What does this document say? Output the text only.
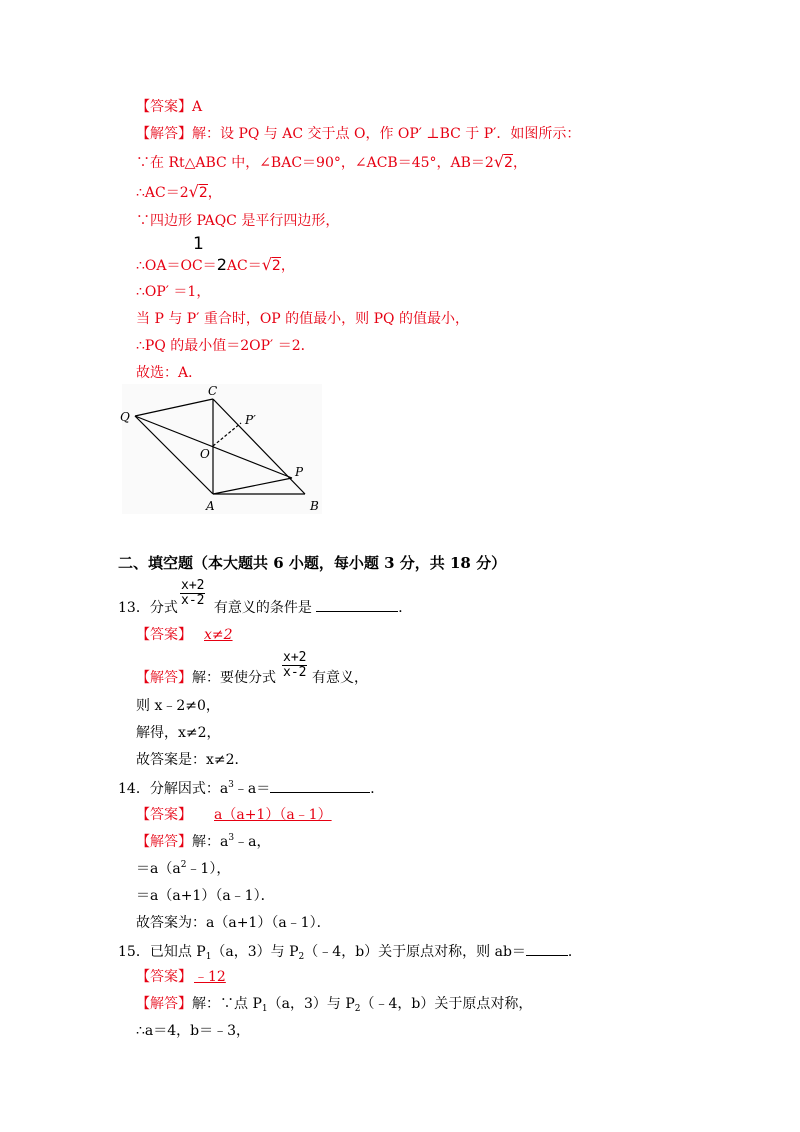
【答案】A
【解答】解：设 PQ 与 AC 交于点 O，作 OP′ ⊥BC 于 P′．如图所示：
∵在 Rt△ABC 中，∠BAC＝90°，∠ACB＝45°，AB＝2√2，
∴AC＝2√2，
∵四边形 PAQC 是平行四边形，
1
∴OA＝OC＝2AC＝√2，
∴OP′ ＝1，
当 P 与 P′ 重合时，OP 的值最小，则 PQ 的值最小，
∴PQ 的最小值＝2OP′ ＝2．
故选：A．
Q
C
P′
O
P
A	B
二、填空题（本大题共 6 小题，每小题 3 分，共 18 分）
$\frac{x+2}{x-2}$
13．分式	有意义的条件是	．
【答案】 x≠2
$\frac{x+2}{x-2}$
【解答】解：要使分式	有意义，
则 x﹣2≠0，
解得，x≠2，
故答案是：x≠2．
14．分解因式：$a^3﹣a=$	．
【答案】 a（a+1）（a﹣1）
【解答】解：$a^3﹣a$，
$=a(a^2﹣1)$，
＝a（a+1）（a﹣1）．
故答案为：a（a+1）（a﹣1）．
15．已知点 $P_1(a$，3）与 $P_2(﹣4$，b）关于原点对称，则 ab＝	．
【答案】 ﹣12
【解答】解：∵点 $P_1(a$，3）与 $P_2(﹣4$，b）关于原点对称，
∴a＝4，b＝﹣3，
